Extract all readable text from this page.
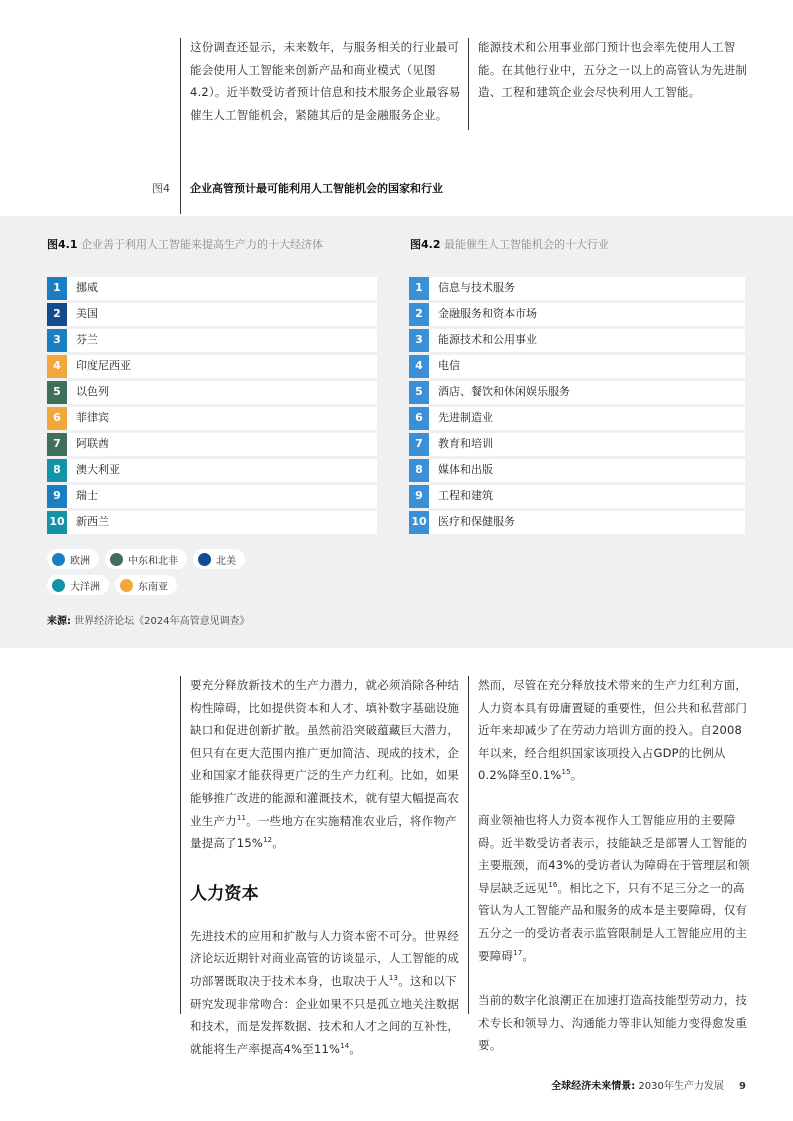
这份调查还显示，未来数年，与服务相关的行业最可能会使用人工智能来创新产品和商业模式（见图4.2）。近半数受访者预计信息和技术服务企业最容易催生人工智能机会，紧随其后的是金融服务企业。

能源技术和公用事业部门预计也会率先使用人工智能。在其他行业中，五分之一以上的高管认为先进制造、工程和建筑企业会尽快利用人工智能。

图4 企业高管预计最可能利用人工智能机会的国家和行业
图4.1 企业善于利用人工智能来提高生产力的十大经济体	图4.2 最能催生人工智能机会的十大行业
1	挪威
2	美国
3	芬兰
4	印度尼西亚
5	以色列
6	菲律宾
7	阿联酋
8	澳大利亚
9	瑞士
10	新西兰
1	信息与技术服务
2	金融服务和资本市场
3	能源技术和公用事业
4	电信
5	酒店、餐饮和休闲娱乐服务
6	先进制造业
7	教育和培训
8	媒体和出版
9	工程和建筑
10	医疗和保健服务
欧洲	中东和北非	北美
大洋洲	东南亚
来源: 世界经济论坛《2024年高管意见调查》

要充分释放新技术的生产力潜力，就必须消除各种结构性障碍，比如提供资本和人才、填补数字基础设施缺口和促进创新扩散。虽然前沿突破蕴藏巨大潜力，但只有在更大范围内推广更加简洁、现成的技术，企业和国家才能获得更广泛的生产力红利。比如，如果能够推广改进的能源和灌溉技术，就有望大幅提高农业生产力$^{11}$。一些地方在实施精准农业后，将作物产量提高了15%$^{12}$。

人力资本

先进技术的应用和扩散与人力资本密不可分。世界经济论坛近期针对商业高管的访谈显示，人工智能的成功部署既取决于技术本身，也取决于人$^{13}$。这和以下研究发现非常吻合：企业如果不只是孤立地关注数据和技术，而是发挥数据、技术和人才之间的互补性，就能将生产率提高4%至11%$^{14}$。

然而，尽管在充分释放技术带来的生产力红利方面，人力资本具有毋庸置疑的重要性，但公共和私营部门近年来却减少了在劳动力培训方面的投入。自2008年以来，经合组织国家该项投入占GDP的比例从0.2%降至0.1%$^{15}$。

商业领袖也将人力资本视作人工智能应用的主要障碍。近半数受访者表示，技能缺乏是部署人工智能的主要瓶颈，而43%的受访者认为障碍在于管理层和领导层缺乏远见$^{16}$。相比之下，只有不足三分之一的高管认为人工智能产品和服务的成本是主要障碍，仅有五分之一的受访者表示监管限制是人工智能应用的主要障碍$^{17}$。

当前的数字化浪潮正在加速打造高技能型劳动力，技术专长和领导力、沟通能力等非认知能力变得愈发重要。

全球经济未来情景: 2030年生产力发展 9
